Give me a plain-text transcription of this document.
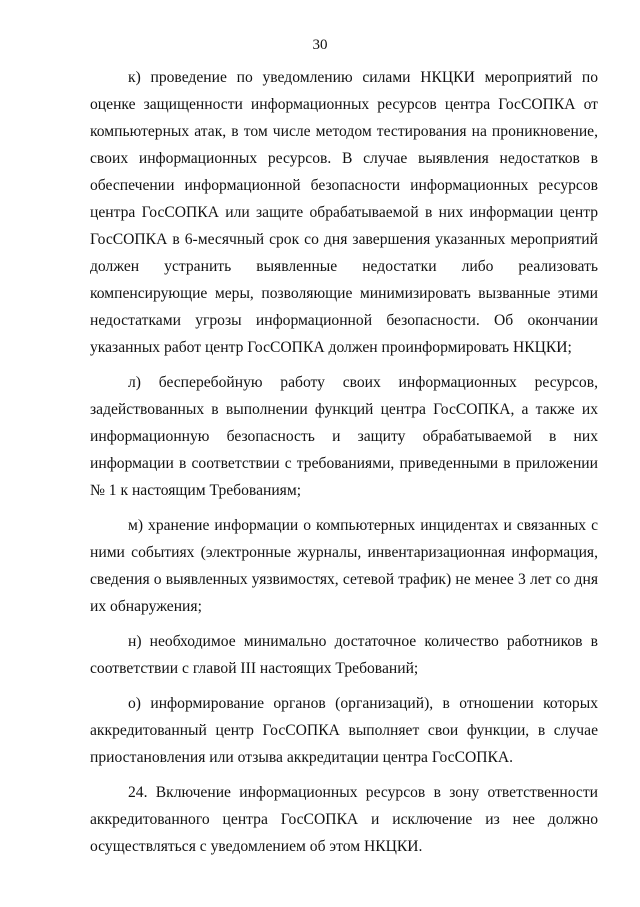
30

к) проведение по уведомлению силами НКЦКИ мероприятий по оценке защищенности информационных ресурсов центра ГосСОПКА от компьютерных атак, в том числе методом тестирования на проникновение, своих информационных ресурсов. В случае выявления недостатков в обеспечении информационной безопасности информационных ресурсов центра ГосСОПКА или защите обрабатываемой в них информации центр ГосСОПКА в 6-месячный срок со дня завершения указанных мероприятий должен устранить выявленные недостатки либо реализовать компенсирующие меры, позволяющие минимизировать вызванные этими недостатками угрозы информационной безопасности. Об окончании указанных работ центр ГосСОПКА должен проинформировать НКЦКИ;

л) бесперебойную работу своих информационных ресурсов, задействованных в выполнении функций центра ГосСОПКА, а также их информационную безопасность и защиту обрабатываемой в них информации в соответствии с требованиями, приведенными в приложении № 1 к настоящим Требованиям;

м) хранение информации о компьютерных инцидентах и связанных с ними событиях (электронные журналы, инвентаризационная информация, сведения о выявленных уязвимостях, сетевой трафик) не менее 3 лет со дня их обнаружения;

н) необходимое минимально достаточное количество работников в соответствии с главой III настоящих Требований;

о) информирование органов (организаций), в отношении которых аккредитованный центр ГосСОПКА выполняет свои функции, в случае приостановления или отзыва аккредитации центра ГосСОПКА.

24. Включение информационных ресурсов в зону ответственности аккредитованного центра ГосСОПКА и исключение из нее должно осуществляться с уведомлением об этом НКЦКИ.
